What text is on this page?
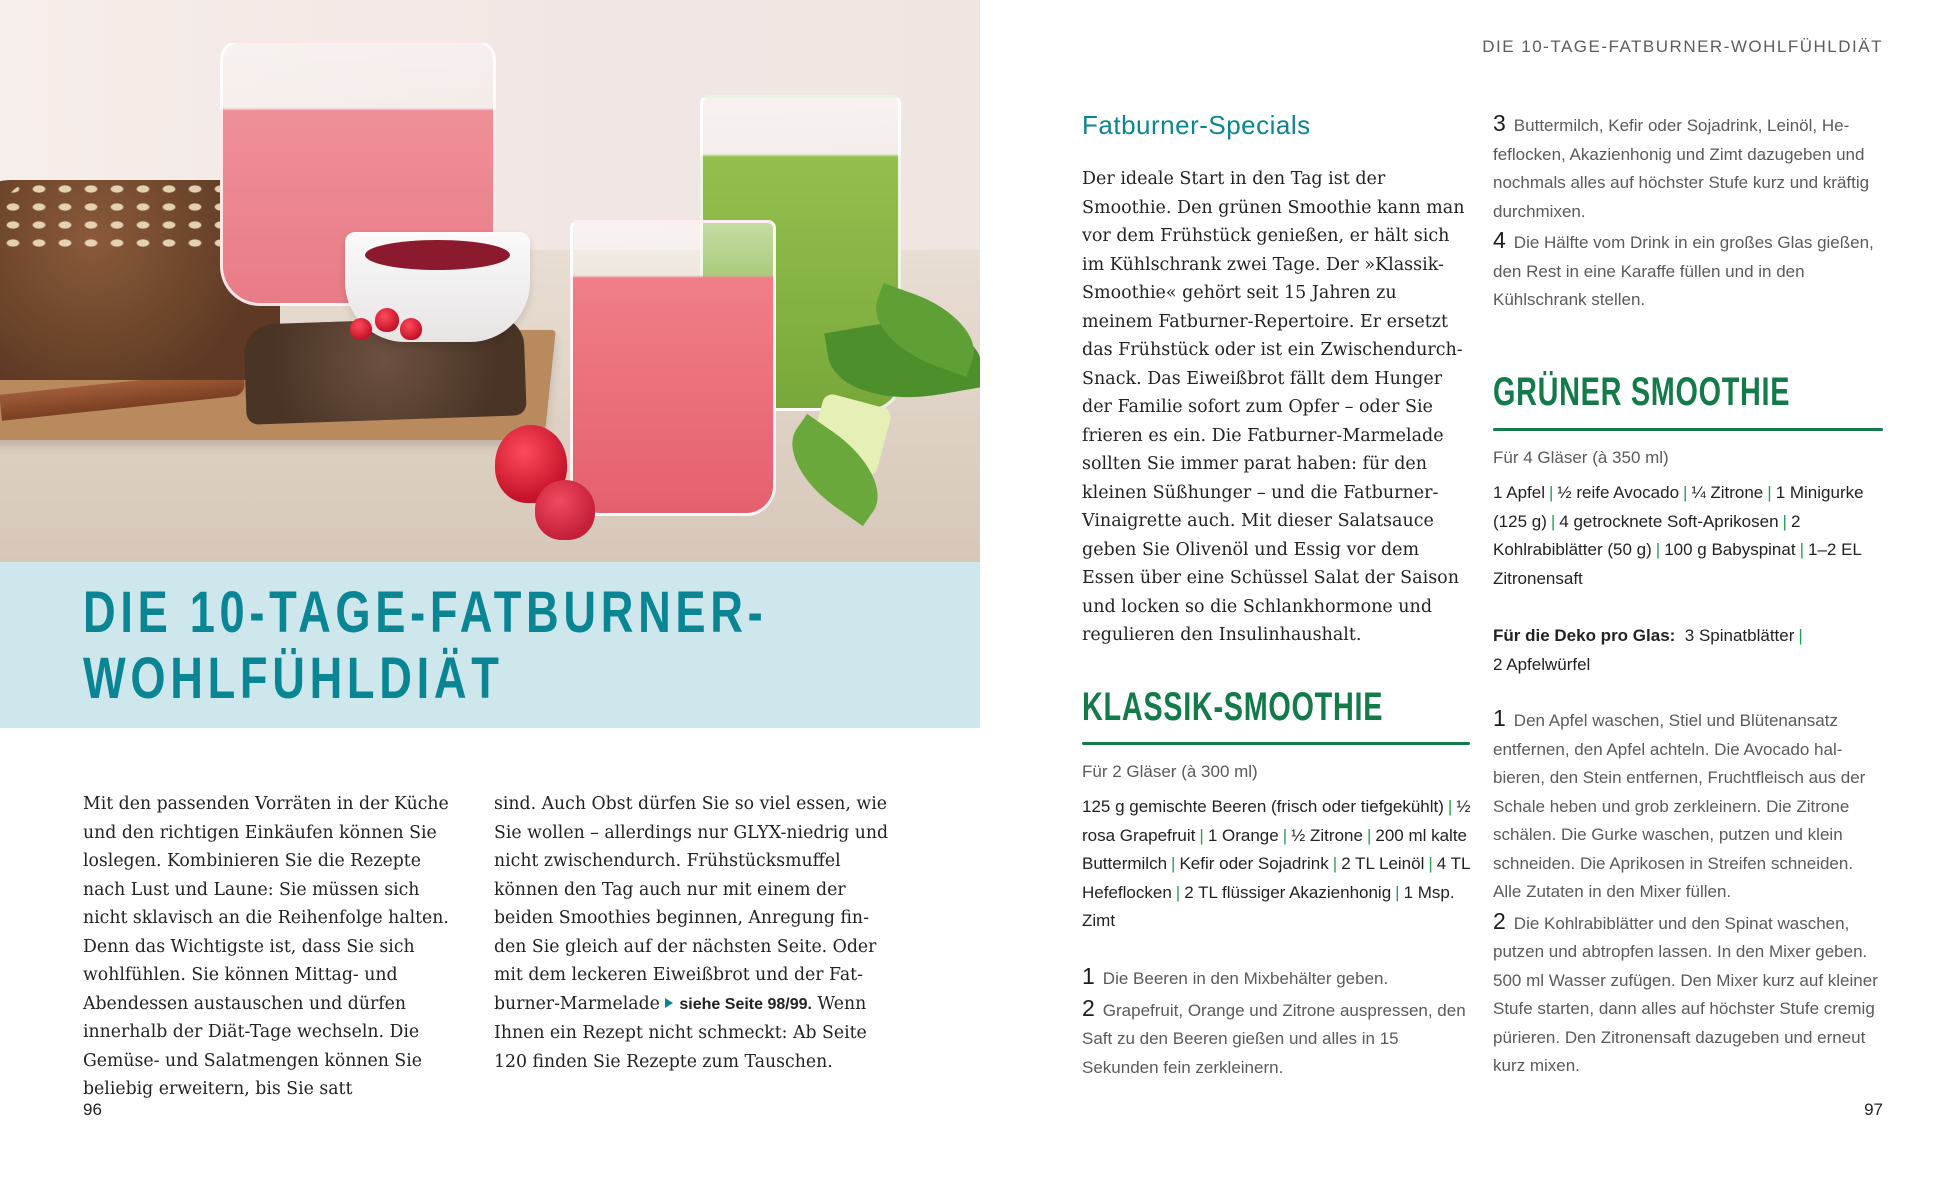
DIE 10-TAGE-FATBURNER-
WOHLFÜHLDIÄT

Mit den passenden Vorräten in der Küche und den richtigen Einkäufen können Sie loslegen. Kombinieren Sie die Rezepte nach Lust und Laune: Sie müssen sich nicht sklavisch an die Reihenfolge halten. Denn das Wichtigste ist, dass Sie sich wohlfühlen. Sie können Mittag- und Abendessen austauschen und dürfen innerhalb der Diät-Tage wechseln. Die Gemüse- und Salatmengen können Sie beliebig erweitern, bis Sie satt

sind. Auch Obst dürfen Sie so viel essen, wie Sie wollen – allerdings nur GLYX-niedrig und nicht zwischendurch. Frühstücksmuffel können den Tag auch nur mit einem der beiden Smoothies beginnen, Anregung finden Sie gleich auf der nächsten Seite. Oder mit dem leckeren Eiweißbrot und der Fatburner-Marmelade siehe Seite 98/99. Wenn Ihnen ein Rezept nicht schmeckt: Ab Seite 120 finden Sie Rezepte zum Tauschen.

96
DIE 10-TAGE-FATBURNER-WOHLFÜHLDIÄT
Fatburner-Specials

Der ideale Start in den Tag ist der Smoothie. Den grünen Smoothie kann man vor dem Frühstück genießen, er hält sich im Kühlschrank zwei Tage. Der »Klassik-Smoothie« gehört seit 15 Jahren zu meinem Fatburner-Repertoire. Er ersetzt das Frühstück oder ist ein Zwischendurch-Snack. Das Eiweißbrot fällt dem Hunger der Familie sofort zum Opfer – oder Sie frieren es ein. Die Fatburner-Marmelade sollten Sie immer parat haben: für den kleinen Süßhunger – und die Fatburner-Vinaigrette auch. Mit dieser Salatsauce geben Sie Olivenöl und Essig vor dem Essen über eine Schüssel Salat der Saison und locken so die Schlankhormone und regulieren den Insulinhaushalt.

KLASSIK-SMOOTHIE
Für 2 Gläser (à 300 ml)
125 g gemischte Beeren (frisch oder tiefgekühlt) | ½ rosa Grapefruit | 1 Orange | ½ Zitrone | 200 ml kalte Buttermilch | Kefir oder Sojadrink | 2 TL Leinöl | 4 TL Hefeflocken | 2 TL flüssiger Akazienhonig | 1 Msp. Zimt

1 Die Beeren in den Mixbehälter geben.

2 Grapefruit, Orange und Zitrone auspressen, den Saft zu den Beeren gießen und alles in 15 Sekunden fein zerkleinern.

3 Buttermilch, Kefir oder Sojadrink, Leinöl, Hefeflocken, Akazienhonig und Zimt dazugeben und nochmals alles auf höchster Stufe kurz und kräftig durchmixen.

4 Die Hälfte vom Drink in ein großes Glas gießen, den Rest in eine Karaffe füllen und in den Kühlschrank stellen.

GRÜNER SMOOTHIE
Für 4 Gläser (à 350 ml)
1 Apfel | ½ reife Avocado | ¼ Zitrone | 1 Minigurke (125 g) | 4 getrocknete Soft-Aprikosen | 2 Kohlrabiblätter (50 g) | 100 g Babyspinat | 1–2 EL Zitronensaft
Für die Deko pro Glas: 3 Spinatblätter |
2 Apfelwürfel

1 Den Apfel waschen, Stiel und Blütenansatz entfernen, den Apfel achteln. Die Avocado halbieren, den Stein entfernen, Fruchtfleisch aus der Schale heben und grob zerkleinern. Die Zitrone schälen. Die Gurke waschen, putzen und klein schneiden. Die Aprikosen in Streifen schneiden. Alle Zutaten in den Mixer füllen.

2 Die Kohlrabiblätter und den Spinat waschen, putzen und abtropfen lassen. In den Mixer geben. 500 ml Wasser zufügen. Den Mixer kurz auf kleiner Stufe starten, dann alles auf höchster Stufe cremig pürieren. Den Zitronensaft dazugeben und erneut kurz mixen.

97
